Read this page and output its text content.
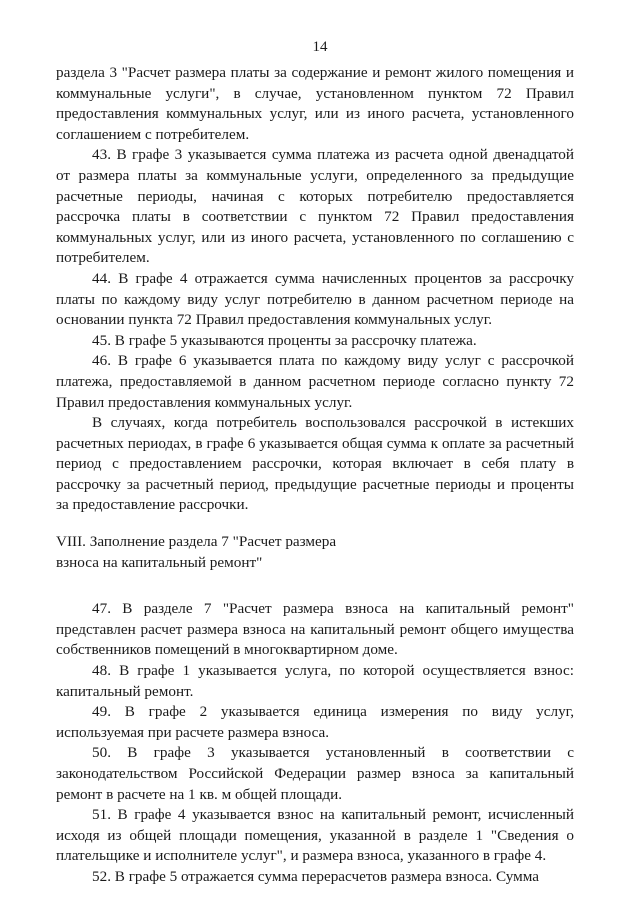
14

раздела 3 "Расчет размера платы за содержание и ремонт жилого помещения и коммунальные услуги", в случае, установленном пунктом 72 Правил предоставления коммунальных услуг, или из иного расчета, установленного соглашением с потребителем.

43. В графе 3 указывается сумма платежа из расчета одной двенадцатой от размера платы за коммунальные услуги, определенного за предыдущие расчетные периоды, начиная с которых потребителю предоставляется рассрочка платы в соответствии с пунктом 72 Правил предоставления коммунальных услуг, или из иного расчета, установленного по соглашению с потребителем.

44. В графе 4 отражается сумма начисленных процентов за рассрочку платы по каждому виду услуг потребителю в данном расчетном периоде на основании пункта 72 Правил предоставления коммунальных услуг.

45. В графе 5 указываются проценты за рассрочку платежа.

46. В графе 6 указывается плата по каждому виду услуг с рассрочкой платежа, предоставляемой в данном расчетном периоде согласно пункту 72 Правил предоставления коммунальных услуг.

В случаях, когда потребитель воспользовался рассрочкой в истекших расчетных периодах, в графе 6 указывается общая сумма к оплате за расчетный период с предоставлением рассрочки, которая включает в себя плату в рассрочку за расчетный период, предыдущие расчетные периоды и проценты за предоставление рассрочки.

VIII. Заполнение раздела 7 "Расчет размера
взноса на капитальный ремонт"

47. В разделе 7 "Расчет размера взноса на капитальный ремонт" представлен расчет размера взноса на капитальный ремонт общего имущества собственников помещений в многоквартирном доме.

48. В графе 1 указывается услуга, по которой осуществляется взнос: капитальный ремонт.

49. В графе 2 указывается единица измерения по виду услуг, используемая при расчете размера взноса.

50. В графе 3 указывается установленный в соответствии с законодательством Российской Федерации размер взноса за капитальный ремонт в расчете на 1 кв. м общей площади.

51. В графе 4 указывается взнос на капитальный ремонт, исчисленный исходя из общей площади помещения, указанной в разделе 1 "Сведения о плательщике и исполнителе услуг", и размера взноса, указанного в графе 4.

52. В графе 5 отражается сумма перерасчетов размера взноса. Сумма
